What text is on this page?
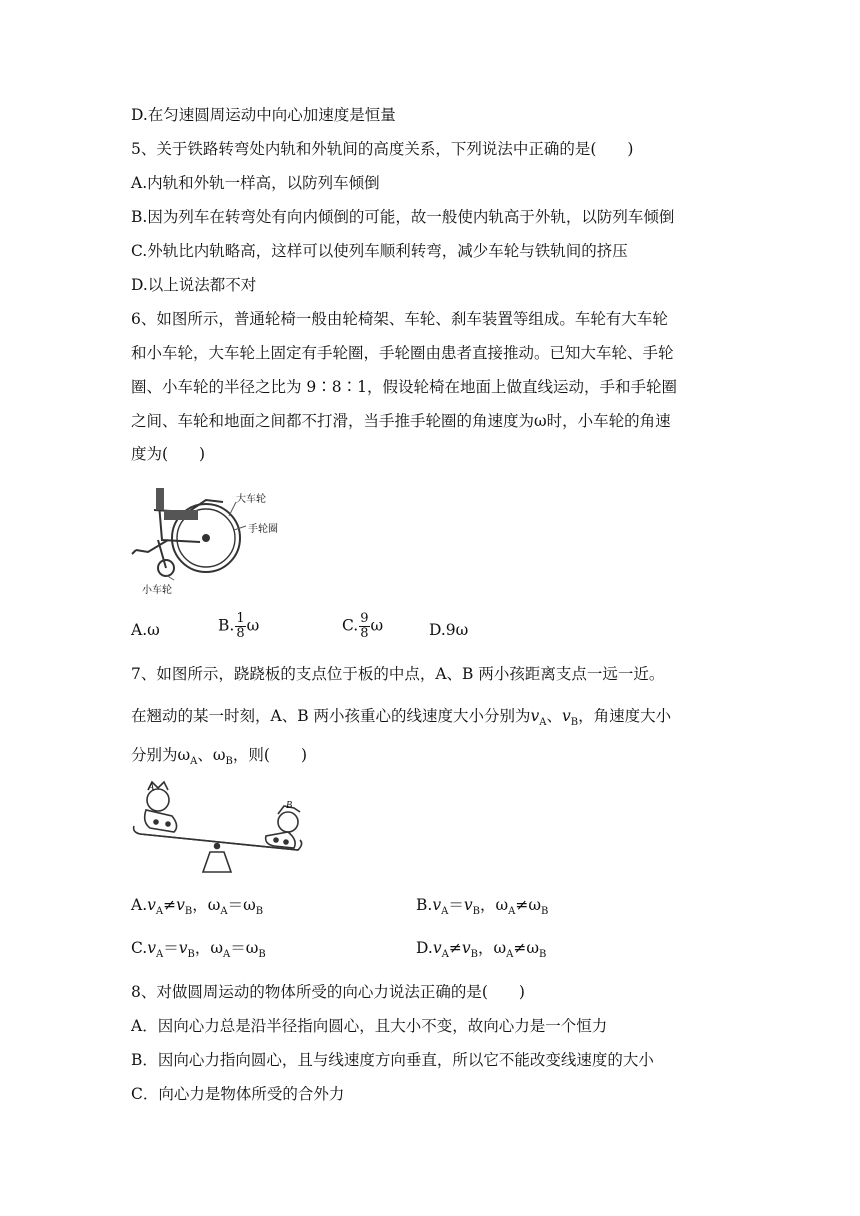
D.在匀速圆周运动中向心加速度是恒量
5、关于铁路转弯处内轨和外轨间的高度关系，下列说法中正确的是(　　)
A.内轨和外轨一样高，以防列车倾倒
B.因为列车在转弯处有向内倾倒的可能，故一般使内轨高于外轨，以防列车倾倒
C.外轨比内轨略高，这样可以使列车顺利转弯，减少车轮与铁轨间的挤压
D.以上说法都不对
6、如图所示，普通轮椅一般由轮椅架、车轮、刹车装置等组成。车轮有大车轮
和小车轮，大车轮上固定有手轮圈，手轮圈由患者直接推动。已知大车轮、手轮
圈、小车轮的半径之比为 9∶8∶1，假设轮椅在地面上做直线运动，手和手轮圈
之间、车轮和地面之间都不打滑，当手推手轮圈的角速度为ω时，小车轮的角速
度为(　　)
大车轮
手轮圈
小车轮
A.ω	B. $\frac{1}{8}$ ω	C. $\frac{9}{8}$ ω	D.9ω
7、如图所示，跷跷板的支点位于板的中点，A、B 两小孩距离支点一远一近。
在翘动的某一时刻，A、B 两小孩重心的线速度大小分别为$v_A$、$v_B$，角速度大小
分别为$\omega_A$、$\omega_B$，则(　　)
A
B
$A.v_A\ne v_B$，$\omega_A=\omega_B$	$B.v_A=v_B$，$\omega_A\ne\omega_B$
$C.v_A=v_B$，$\omega_A=\omega_B$	$D.v_A\ne v_B$，$\omega_A\ne\omega_B$
8、对做圆周运动的物体所受的向心力说法正确的是(　　)
A．因向心力总是沿半径指向圆心，且大小不变，故向心力是一个恒力
B．因向心力指向圆心，且与线速度方向垂直，所以它不能改变线速度的大小
C．向心力是物体所受的合外力
